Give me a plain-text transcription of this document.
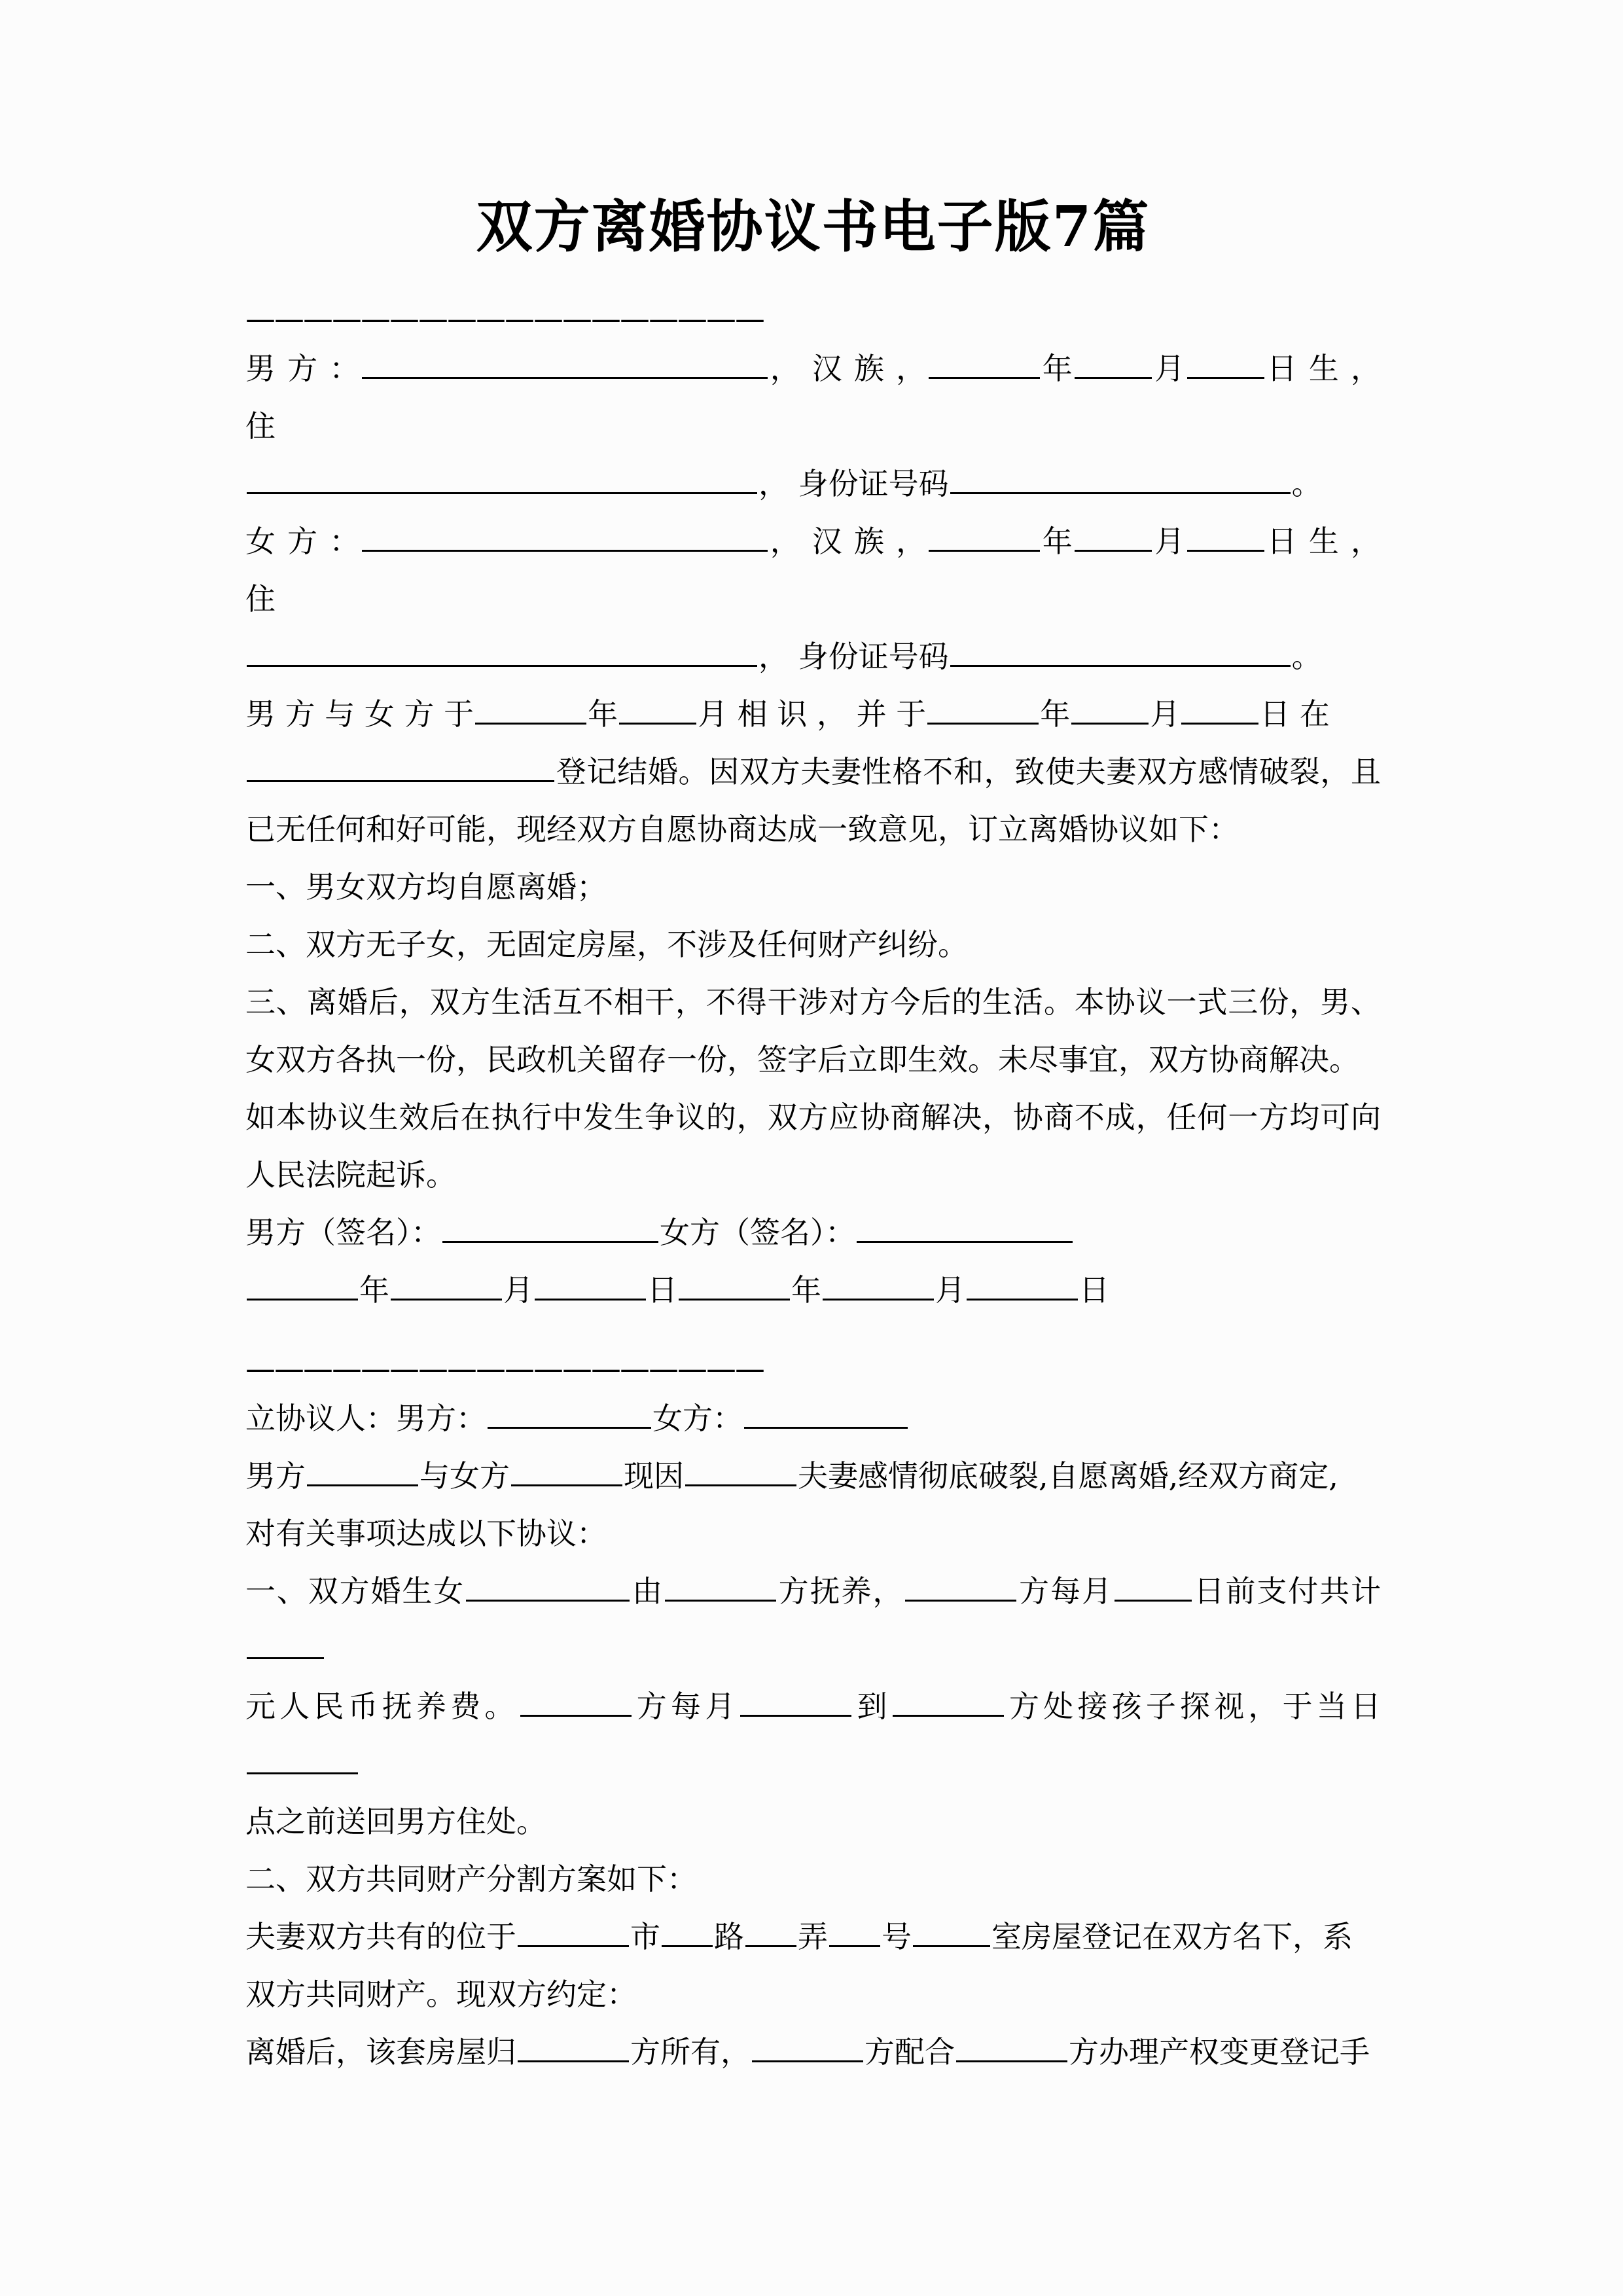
双方离婚协议书电子版7篇
——————————————————
男 方 ：	， 汉 族 ，	年	月	日 生 ，住
， 身份证号码	。
女 方 ：	， 汉 族 ，	年	月	日 生 ，住
， 身份证号码	。
男 方 与 女 方 于	年	月 相 识 ， 并 于	年	月	日 在
登记结婚。因双方夫妻性格不和，致使夫妻双方感情破裂，且已无任何和好可能，现经双方自愿协商达成一致意见，订立离婚协议如下：
一、男女双方均自愿离婚；
二、双方无子女，无固定房屋，不涉及任何财产纠纷。
三、离婚后，双方生活互不相干，不得干涉对方今后的生活。本协议一式三份，男、女双方各执一份，民政机关留存一份，签字后立即生效。未尽事宜，双方协商解决。
如本协议生效后在执行中发生争议的，双方应协商解决，协商不成，任何一方均可向人民法院起诉。
男方（签名）：	女方（签名）：
年	月	日	年	月	日
——————————————————
立协议人：男方：	女方：
男方	与女方	现因	夫妻感情彻底破裂,自愿离婚,经双方商定,
对有关事项达成以下协议：
一、双方婚生女	由	方抚养，	方每月	日前支付共计
元人民币抚养费。	方每月	到	方处接孩子探视，于当日
点之前送回男方住处。
二、双方共同财产分割方案如下：
夫妻双方共有的位于	市 路 弄 号	室房屋登记在双方名下，系
双方共同财产。现双方约定：
离婚后，该套房屋归	方所有，	方配合	方办理产权变更登记手
